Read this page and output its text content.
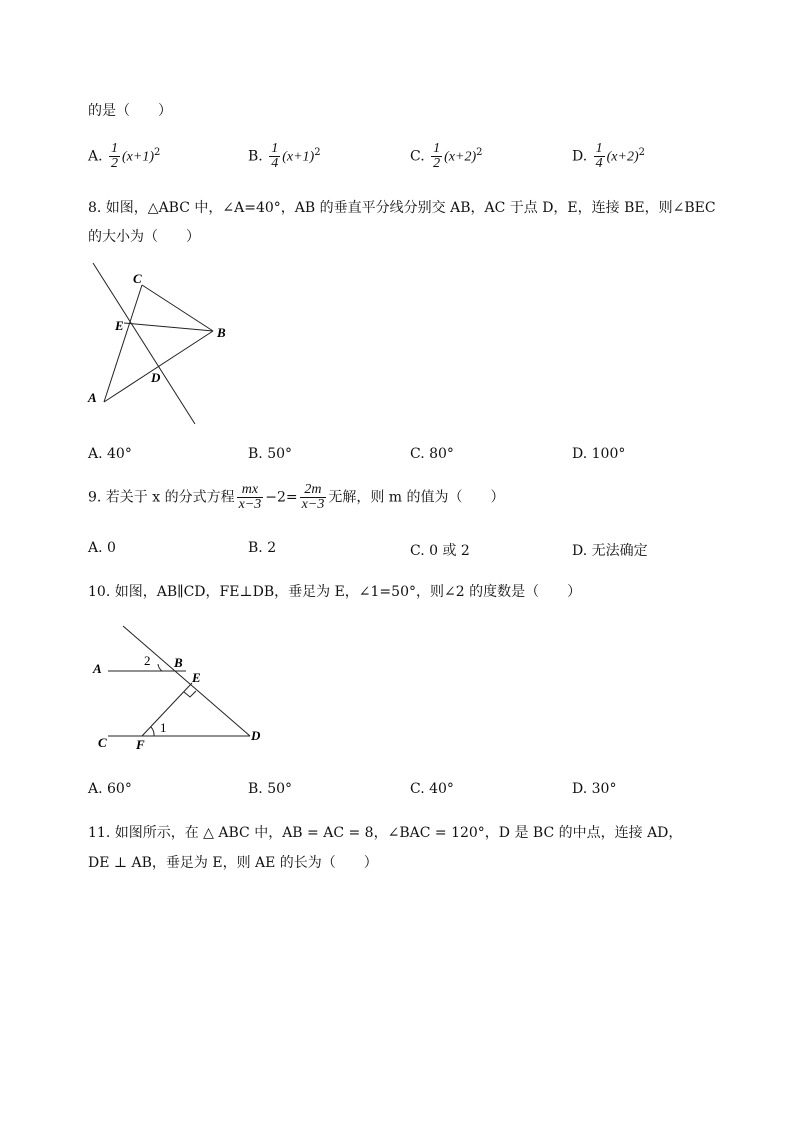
的是（　　）
A. $\frac{1}{2} (x+1)^2$	B. $\frac{1}{4} (x+1)^2$	C. $\frac{1}{2} (x+2)^2$	D. $\frac{1}{4} (x+2)^2$
8. 如图，△ABC 中，∠A=40°，AB 的垂直平分线分别交 AB，AC 于点 D，E，连接 BE，则∠BEC
的大小为（　　）
C
E	B
D
A
A. 40°	B. 50°	C. 80°	D. 100°
9. 若关于 x 的分式方程 $\frac{mx}{x-3} -2= \frac{2m}{x-3}$ 无解，则 m 的值为（　　）
A. 0	B. 2	C. 0 或 2	D. 无法确定
10. 如图，AB∥CD，FE⊥DB，垂足为 E，∠1=50°，则∠2 的度数是（　　）
A
2 B
E
1
C F
D
A. 60°	B. 50°	C. 40°	D. 30°
11. 如图所示，在 △ ABC 中，AB = AC = 8，∠BAC = 120°，D 是 BC 的中点，连接 AD，
DE ⊥ AB，垂足为 E，则 AE 的长为（　　）
